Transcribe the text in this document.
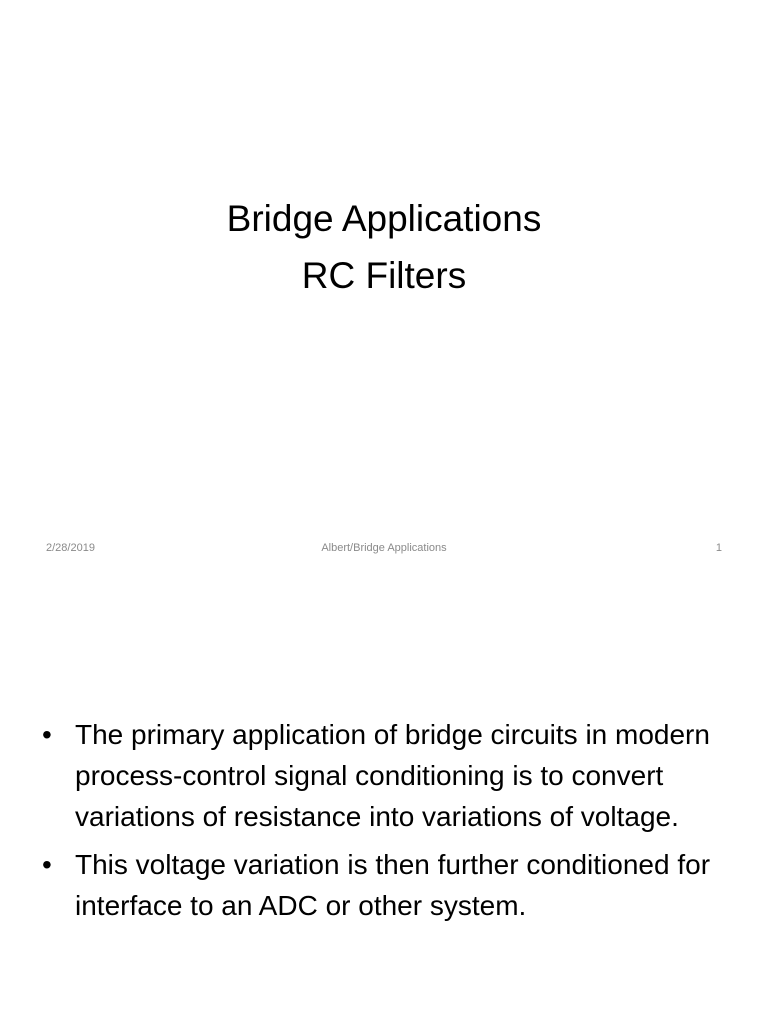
Bridge Applications
RC Filters
2/28/2019	Albert/Bridge Applications	1
• The primary application of bridge circuits in modern process-control signal conditioning is to convert variations of resistance into variations of voltage.
• This voltage variation is then further conditioned for interface to an ADC or other system.
